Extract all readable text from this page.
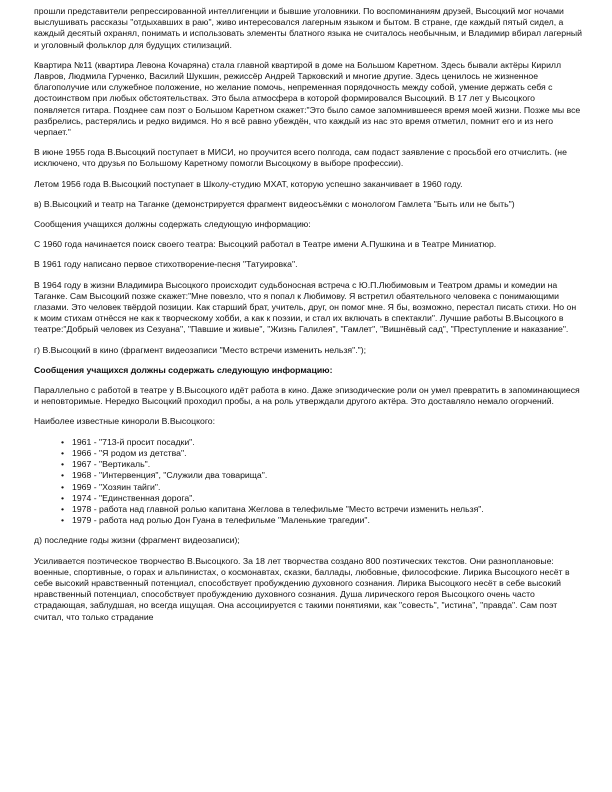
прошли представители репрессированной интеллигенции и бывшие уголовники. По воспоминаниям друзей, Высоцкий мог ночами выслушивать рассказы "отдыхавших в раю", живо интересовался лагерным языком и бытом. В стране, где каждый пятый сидел, а каждый десятый охранял, понимать и использовать элементы блатного языка не считалось необычным, и Владимир вбирал лагерный и уголовный фольклор для будущих стилизаций.

Квартира №11 (квартира Левона Кочаряна) стала главной квартирой в доме на Большом Каретном. Здесь бывали актёры Кирилл Лавров, Людмила Гурченко, Василий Шукшин, режиссёр Андрей Тарковский и многие другие. Здесь ценилось не жизненное благополучие или служебное положение, но желание помочь, непременная порядочность между собой, умение держать себя с достоинством при любых обстоятельствах. Это была атмосфера в которой формировался Высоцкий. В 17 лет у Высоцкого появляется гитара. Позднее сам поэт о Большом Каретном скажет:"Это было самое запомнившееся время моей жизни. Позже мы все разбрелись, растерялись и редко видимся. Но я всё равно убеждён, что каждый из нас это время отметил, помнит его и из него черпает."

В июне 1955 года В.Высоцкий поступает в МИСИ, но проучится всего полгода, сам подаст заявление с просьбой его отчислить. (не исключено, что друзья по Большому Каретному помогли Высоцкому в выборе профессии).

Летом 1956 года В.Высоцкий поступает в Школу-студию МХАТ, которую успешно заканчивает в 1960 году.

в) В.Высоцкий и театр на Таганке (демонстрируется фрагмент видеосъёмки с монологом Гамлета "Быть или не быть")

Сообщения учащихся должны содержать следующую информацию:

С 1960 года начинается поиск своего театра: Высоцкий работал в Театре имени А.Пушкина и в Театре Миниатюр.

В 1961 году написано первое стихотворение-песня "Татуировка".

В 1964 году в жизни Владимира Высоцкого происходит судьбоносная встреча с Ю.П.Любимовым и Театром драмы и комедии на Таганке. Сам Высоцкий позже скажет:"Мне повезло, что я попал к Любимову. Я встретил обаятельного человека с понимающими глазами. Это человек твёрдой позиции. Как старший брат, учитель, друг, он помог мне. Я бы, возможно, перестал писать стихи. Но он к моим стихам отнёсся не как к творческому хобби, а как к поэзии, и стал их включать в спектакли". Лучшие работы В.Высоцкого в театре:"Добрый человек из Сезуана", "Павшие и живые", "Жизнь Галилея", "Гамлет", "Вишнёвый сад", "Преступление и наказание".

г) В.Высоцкий в кино (фрагмент видеозаписи "Место встречи изменить нельзя".");

Сообщения учащихся должны содержать следующую информацию:

Параллельно с работой в театре у В.Высоцкого идёт работа в кино. Даже эпизодические роли он умел превратить в запоминающиеся и неповторимые. Нередко Высоцкий проходил пробы, а на роль утверждали другого актёра. Это доставляло немало огорчений.

Наиболее известные кинороли В.Высоцкого:

• 1961 - "713-й просит посадки".
• 1966 - "Я родом из детства".
• 1967 - "Вертикаль".
• 1968 - "Интервенция", "Служили два товарища".
• 1969 - "Хозяин тайги".
• 1974 - "Единственная дорога".
• 1978 - работа над главной ролью капитана Жеглова в телефильме "Место встречи изменить нельзя".
• 1979 - работа над ролью Дон Гуана в телефильме "Маленькие трагедии".

д) последние годы жизни (фрагмент видеозаписи);

Усиливается поэтическое творчество В.Высоцкого. За 18 лет творчества создано 800 поэтических текстов. Они разноплановые: военные, спортивные, о горах и альпинистах, о космонавтах, сказки, баллады, любовные, философские. Лирика Высоцкого несёт в себе высокий нравственный потенциал, способствует пробуждению духовного сознания. Лирика Высоцкого несёт в себе высокий нравственный потенциал, способствует пробуждению духовного сознания. Душа лирического героя Высоцкого очень часто страдающая, заблудшая, но всегда ищущая. Она ассоциируется с такими понятиями, как "совесть", "истина", "правда". Сам поэт считал, что только страдание
